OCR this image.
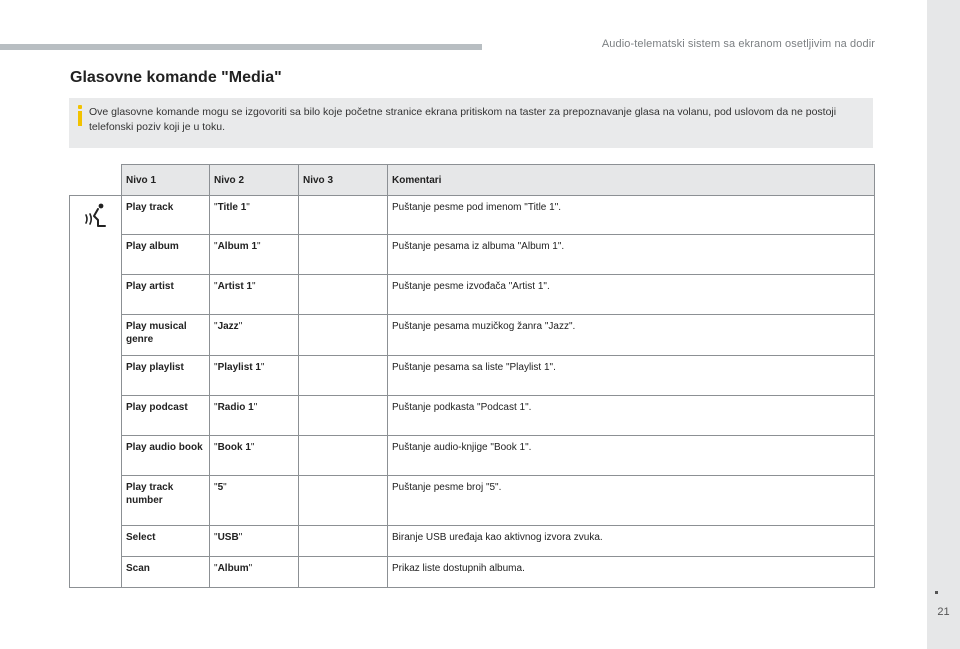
Audio-telematski sistem sa ekranom osetljivim na dodir
21
Glasovne komande "Media"
Ove glasovne komande mogu se izgovoriti sa bilo koje početne stranice ekrana pritiskom na taster za prepoznavanje glasa na volanu, pod uslovom da ne postoji telefonski poziv koji je u toku.
	Nivo 1	Nivo 2	Nivo 3	Komentari

	Play track	"Title 1"		Puštanje pesme pod imenom "Title 1".
	Play album	"Album 1"		Puštanje pesama iz albuma "Album 1".
	Play artist	"Artist 1"		Puštanje pesme izvođača "Artist 1".
	Play musical genre	"Jazz"		Puštanje pesama muzičkog žanra "Jazz".
	Play playlist	"Playlist 1"		Puštanje pesama sa liste "Playlist 1".
	Play podcast	"Radio 1"		Puštanje podkasta "Podcast 1".
	Play audio book	"Book 1"		Puštanje audio-knjige "Book 1".
	Play track number	"5"		Puštanje pesme broj "5".
	Select	"USB"		Biranje USB uređaja kao aktivnog izvora zvuka.
	Scan	"Album"		Prikaz liste dostupnih albuma.
